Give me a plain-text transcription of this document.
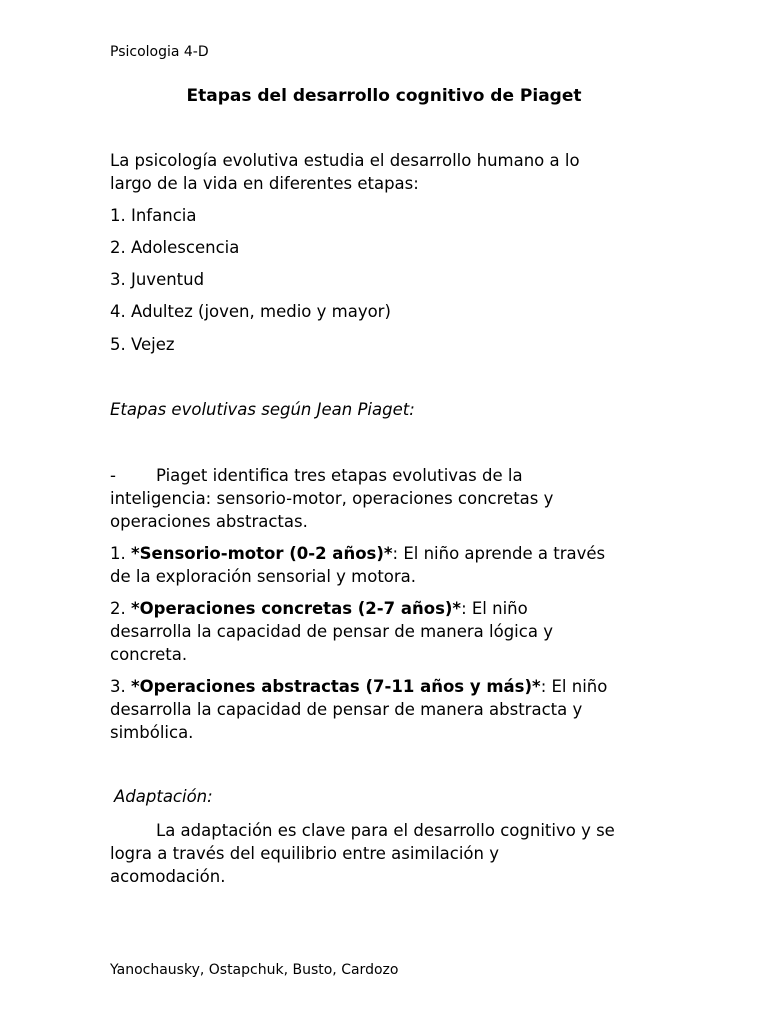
Psicologia 4-D

Etapas del desarrollo cognitivo de Piaget

La psicología evolutiva estudia el desarrollo humano a lo
largo de la vida en diferentes etapas:

1. Infancia

2. Adolescencia

3. Juventud

4. Adultez (joven, medio y mayor)

5. Vejez

Etapas evolutivas según Jean Piaget:

- Piaget identifica tres etapas evolutivas de la
inteligencia: sensorio-motor, operaciones concretas y
operaciones abstractas.
1. *Sensorio-motor (0-2 años)*: El niño aprende a través
de la exploración sensorial y motora.
2. *Operaciones concretas (2-7 años)*: El niño
desarrolla la capacidad de pensar de manera lógica y
concreta.
3. *Operaciones abstractas (7-11 años y más)*: El niño
desarrolla la capacidad de pensar de manera abstracta y
simbólica.

Adaptación:

La adaptación es clave para el desarrollo cognitivo y se
logra a través del equilibrio entre asimilación y
acomodación.

Yanochausky, Ostapchuk, Busto, Cardozo
